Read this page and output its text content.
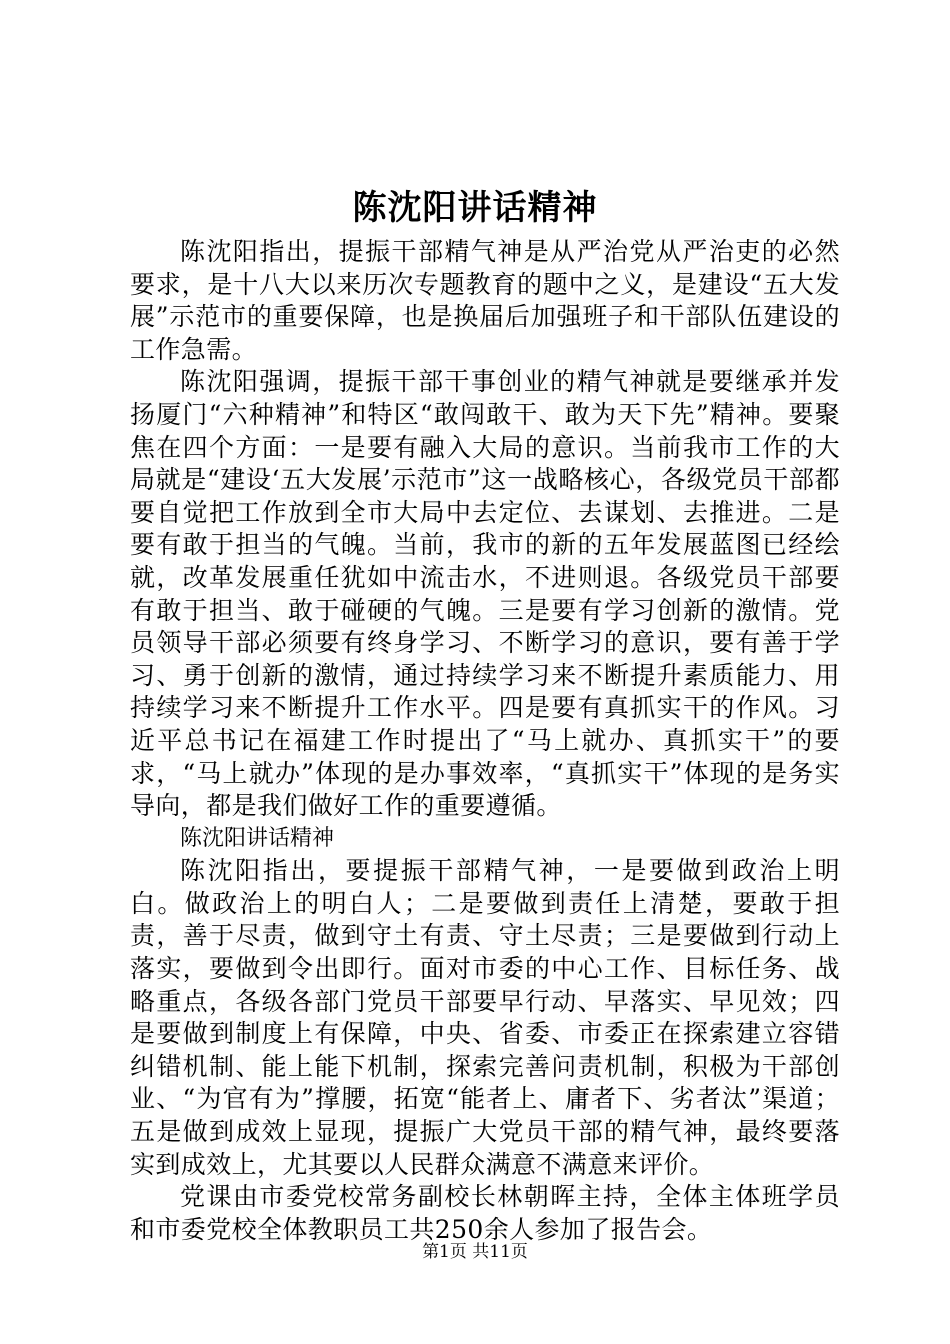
陈沈阳讲话精神

陈沈阳指出，提振干部精气神是从严治党从严治吏的必然要求，是十八大以来历次专题教育的题中之义，是建设“五大发展”示范市的重要保障，也是换届后加强班子和干部队伍建设的工作急需。

陈沈阳强调，提振干部干事创业的精气神就是要继承并发扬厦门“六种精神”和特区“敢闯敢干、敢为天下先”精神。要聚焦在四个方面：一是要有融入大局的意识。当前我市工作的大局就是“建设‘五大发展’示范市”这一战略核心，各级党员干部都要自觉把工作放到全市大局中去定位、去谋划、去推进。二是要有敢于担当的气魄。当前，我市的新的五年发展蓝图已经绘就，改革发展重任犹如中流击水，不进则退。各级党员干部要有敢于担当、敢于碰硬的气魄。三是要有学习创新的激情。党员领导干部必须要有终身学习、不断学习的意识，要有善于学习、勇于创新的激情，通过持续学习来不断提升素质能力、用持续学习来不断提升工作水平。四是要有真抓实干的作风。习近平总书记在福建工作时提出了“马上就办、真抓实干”的要求，“马上就办”体现的是办事效率，“真抓实干”体现的是务实导向，都是我们做好工作的重要遵循。

陈沈阳讲话精神

陈沈阳指出，要提振干部精气神，一是要做到政治上明白。做政治上的明白人；二是要做到责任上清楚，要敢于担责，善于尽责，做到守土有责、守土尽责；三是要做到行动上落实，要做到令出即行。面对市委的中心工作、目标任务、战略重点，各级各部门党员干部要早行动、早落实、早见效；四是要做到制度上有保障，中央、省委、市委正在探索建立容错纠错机制、能上能下机制，探索完善问责机制，积极为干部创业、“为官有为”撑腰，拓宽“能者上、庸者下、劣者汰”渠道；五是做到成效上显现，提振广大党员干部的精气神，最终要落实到成效上，尤其要以人民群众满意不满意来评价。

党课由市委党校常务副校长林朝晖主持，全体主体班学员和市委党校全体教职员工共250余人参加了报告会。

第1页 共11页
